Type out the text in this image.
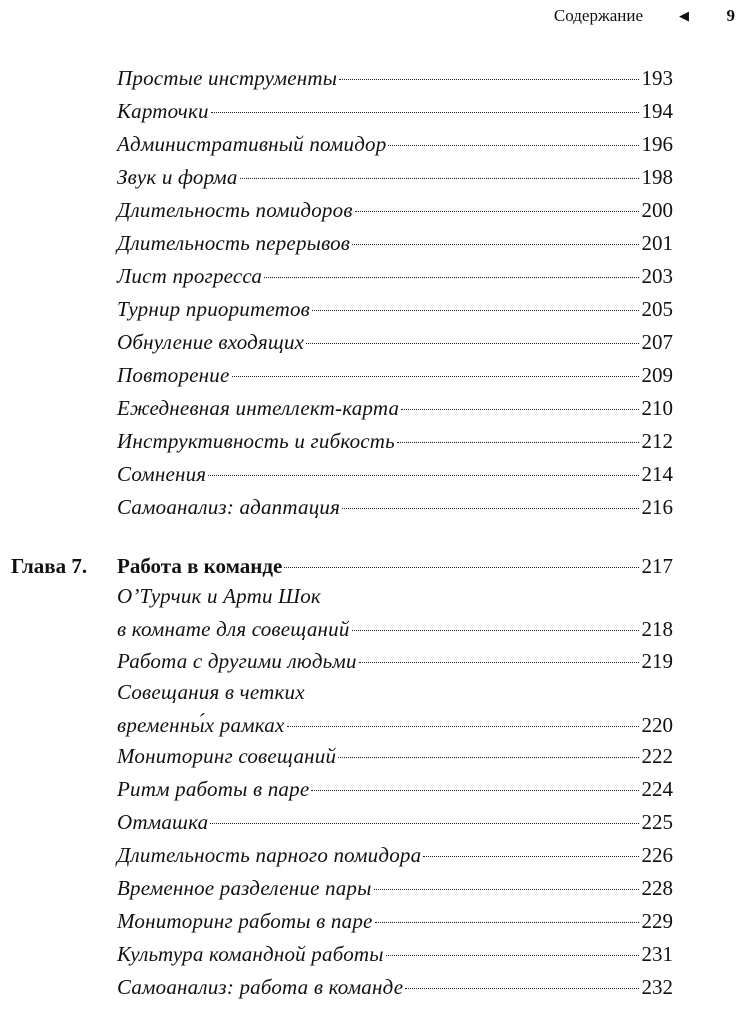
Содержание	◀ 9
Простые инструменты	193
Карточки	194
Административный помидор	196
Звук и форма	198
Длительность помидоров	200
Длительность перерывов	201
Лист прогресса	203
Турнир приоритетов	205
Обнуление входящих	207
Повторение	209
Ежедневная интеллект-карта	210
Инструктивность и гибкость	212
Сомнения	214
Самоанализ: адаптация	216
Глава 7. Работа в команде	217
О’Турчик и Арти Шок
в комнате для совещаний	218
Работа с другими людьми	219
Совещания в четких
временны́х рамках	220
Мониторинг совещаний	222
Ритм работы в паре	224
Отмашка	225
Длительность парного помидора	226
Временное разделение пары	228
Мониторинг работы в паре	229
Культура командной работы	231
Самоанализ: работа в команде	232
